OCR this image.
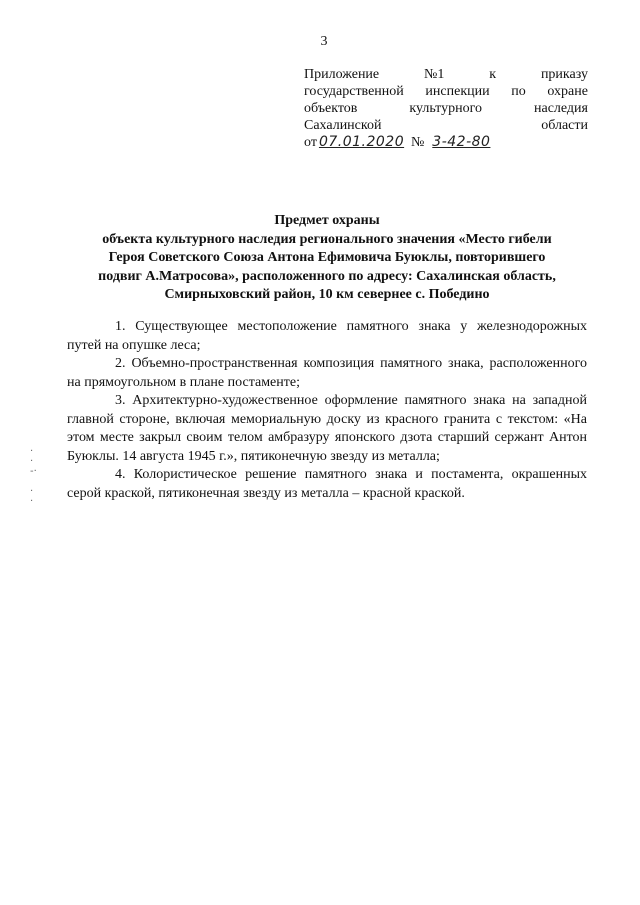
3
Приложение	№1	к	приказу
государственной инспекции по охране
объектов	культурного	наследия
Сахалинской	области
от 07.01.2020 № 3-42-80
Предмет охраны
объекта культурного наследия регионального значения «Место гибели
Героя Советского Союза Антона Ефимовича Буюклы, повторившего
подвиг А.Матросова», расположенного по адресу: Сахалинская область,
Смирныховский район, 10 км севернее с. Победино

1. Существующее местоположение памятного знака у железнодорожных путей на опушке леса;

2. Объемно-пространственная композиция памятного знака, расположенного на прямоугольном в плане постаменте;

3. Архитектурно-художественное оформление памятного знака на западной главной стороне, включая мемориальную доску из красного гранита с текстом: «На этом месте закрыл своим телом амбразуру японского дзота старший сержант Антон Буюклы. 14 августа 1945 г.», пятиконечную звезду из металла;

4. Колористическое решение памятного знака и постамента, окрашенных серой краской, пятиконечная звезду из металла – красной краской.

·
·
-·

·
·
